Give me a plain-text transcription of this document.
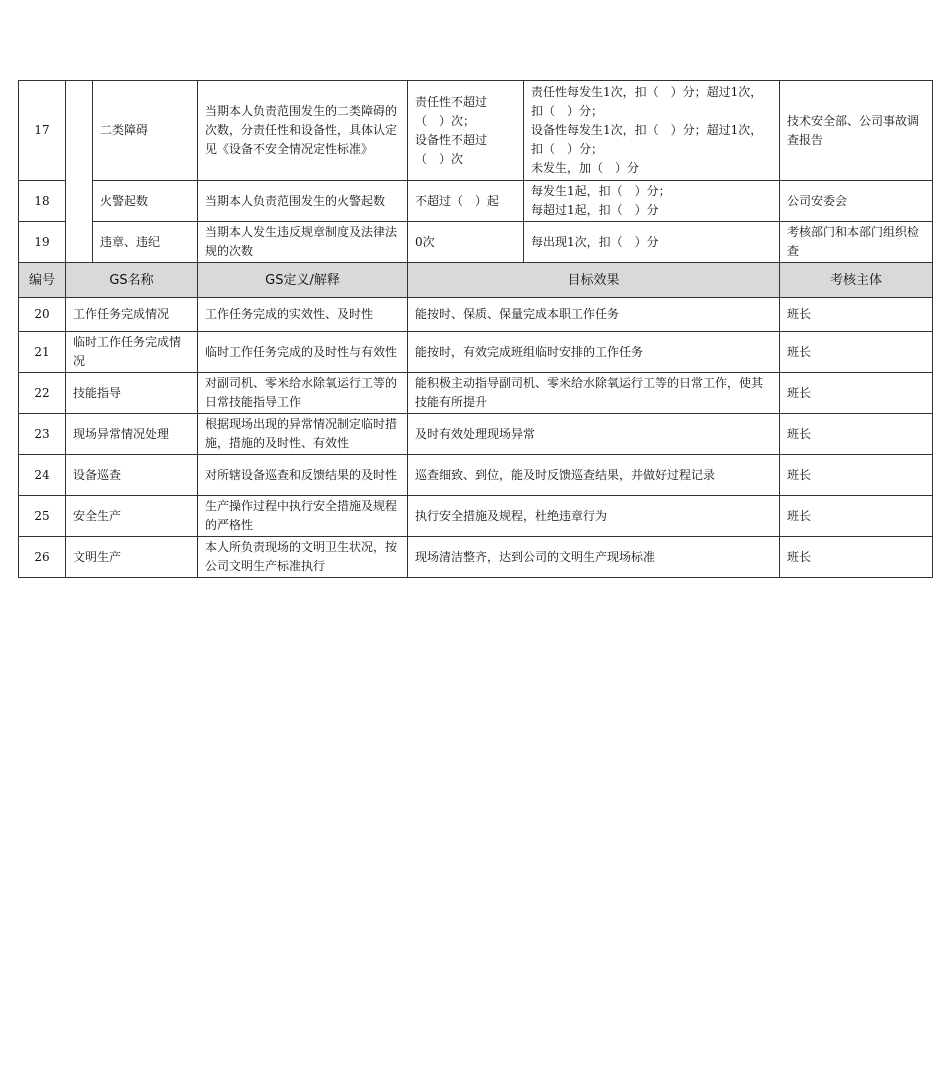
17		二类障碍	当期本人负责范围发生的二类障碍的次数，分责任性和设备性，具体认定见《设备不安全情况定性标准》	责任性不超过（　）次；
设备性不超过（　）次	责任性每发生1次，扣（　）分；超过1次，扣（　）分；
设备性每发生1次，扣（　）分；超过1次，扣（　）分；
未发生，加（　）分	技术安全部、公司事故调查报告
18		火警起数	当期本人负责范围发生的火警起数	不超过（　）起	每发生1起，扣（　）分；
每超过1起，扣（　）分	公司安委会
19		违章、违纪	当期本人发生违反规章制度及法律法规的次数	0次	每出现1次，扣（　）分	考核部门和本部门组织检查
编号	GS名称		GS定义/解释	目标效果		考核主体
20	工作任务完成情况		工作任务完成的实效性、及时性	能按时、保质、保量完成本职工作任务		班长
21	临时工作任务完成情况		临时工作任务完成的及时性与有效性	能按时，有效完成班组临时安排的工作任务		班长
22	技能指导		对副司机、零米给水除氧运行工等的日常技能指导工作	能积极主动指导副司机、零米给水除氧运行工等的日常工作，使其技能有所提升		班长
23	现场异常情况处理		根据现场出现的异常情况制定临时措施，措施的及时性、有效性	及时有效处理现场异常		班长
24	设备巡查		对所辖设备巡查和反馈结果的及时性	巡查细致、到位，能及时反馈巡查结果，并做好过程记录		班长
25	安全生产		生产操作过程中执行安全措施及规程的严格性	执行安全措施及规程，杜绝违章行为		班长
26	文明生产		本人所负责现场的文明卫生状况，按公司文明生产标准执行	现场清洁整齐，达到公司的文明生产现场标准		班长
